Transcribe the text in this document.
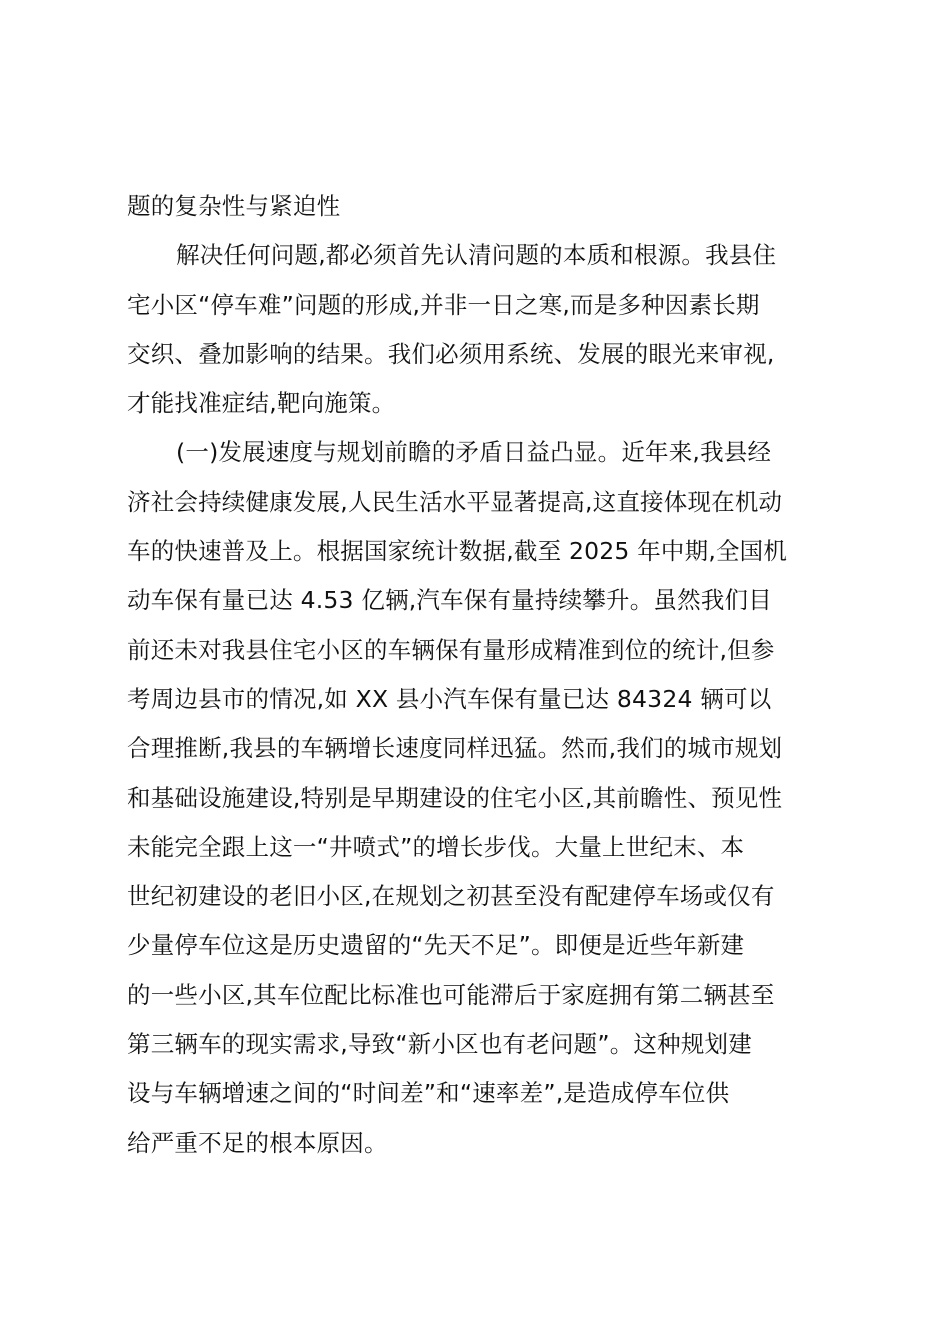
题的复杂性与紧迫性
解决任何问题,都必须首先认清问题的本质和根源。我县住
宅小区“停车难”问题的形成,并非一日之寒,而是多种因素长期
交织、叠加影响的结果。我们必须用系统、发展的眼光来审视,
才能找准症结,靶向施策。
(一)发展速度与规划前瞻的矛盾日益凸显。近年来,我县经
济社会持续健康发展,人民生活水平显著提高,这直接体现在机动
车的快速普及上。根据国家统计数据,截至 2025 年中期,全国机
动车保有量已达 4.53 亿辆,汽车保有量持续攀升。虽然我们目
前还未对我县住宅小区的车辆保有量形成精准到位的统计,但参
考周边县市的情况,如 XX 县小汽车保有量已达 84324 辆可以
合理推断,我县的车辆增长速度同样迅猛。然而,我们的城市规划
和基础设施建设,特别是早期建设的住宅小区,其前瞻性、预见性
未能完全跟上这一“井喷式”的增长步伐。大量上世纪末、本
世纪初建设的老旧小区,在规划之初甚至没有配建停车场或仅有
少量停车位这是历史遗留的“先天不足”。即便是近些年新建
的一些小区,其车位配比标准也可能滞后于家庭拥有第二辆甚至
第三辆车的现实需求,导致“新小区也有老问题”。这种规划建
设与车辆增速之间的“时间差”和“速率差”,是造成停车位供
给严重不足的根本原因。
